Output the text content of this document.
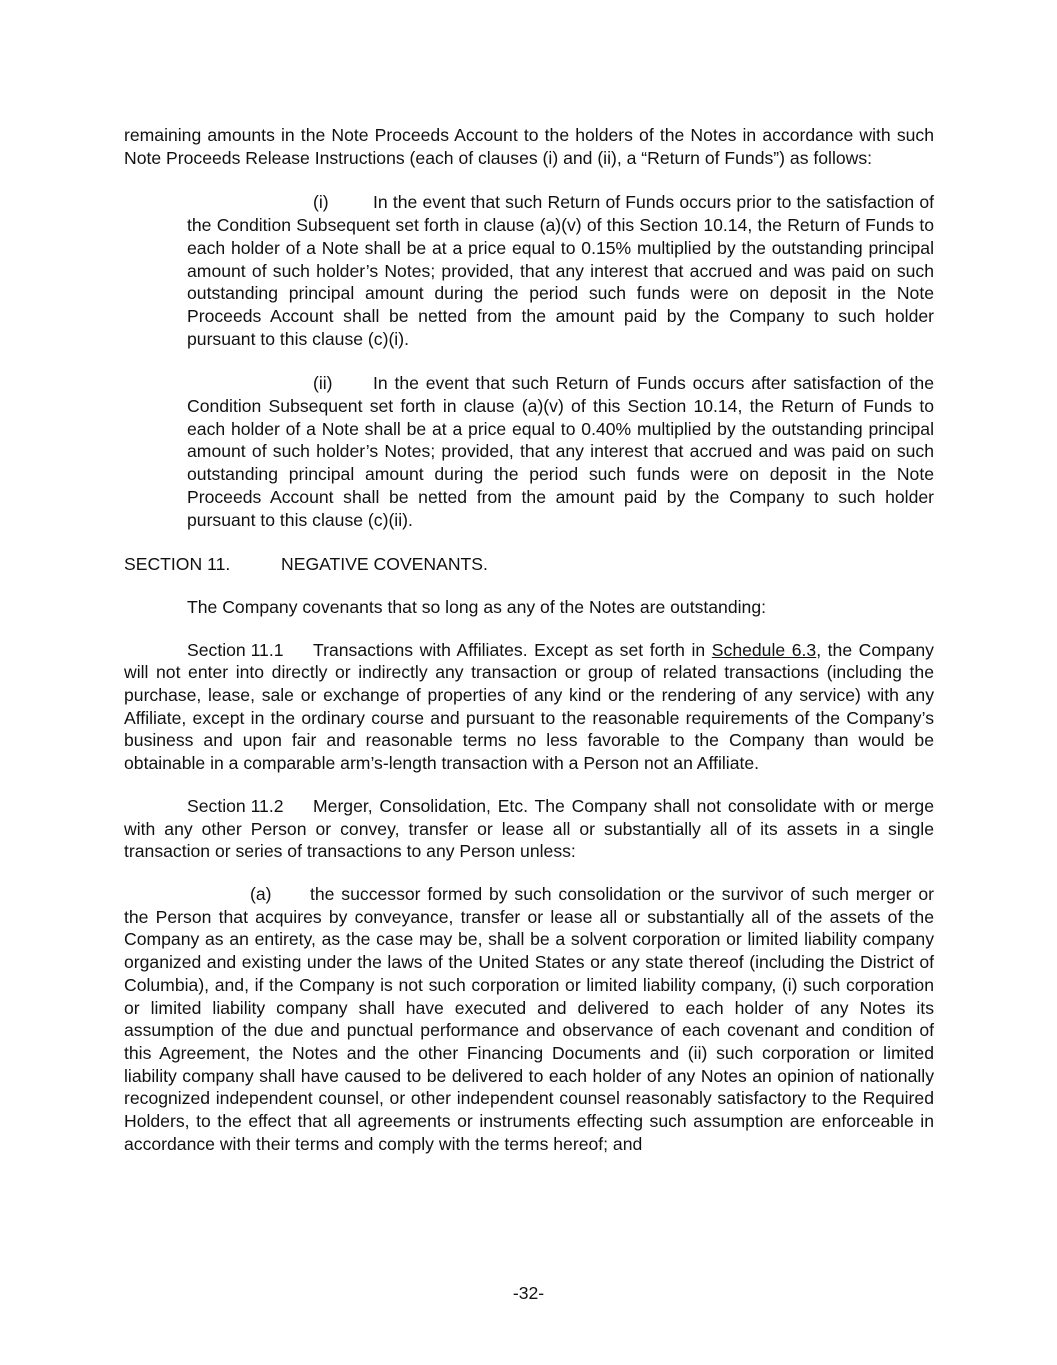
remaining amounts in the Note Proceeds Account to the holders of the Notes in accordance with such Note Proceeds Release Instructions (each of clauses (i) and (ii), a “Return of Funds”) as follows:

(i)	In the event that such Return of Funds occurs prior to the satisfaction of the Condition Subsequent set forth in clause (a)(v) of this Section 10.14, the Return of Funds to each holder of a Note shall be at a price equal to 0.15% multiplied by the outstanding principal amount of such holder’s Notes; provided, that any interest that accrued and was paid on such outstanding principal amount during the period such funds were on deposit in the Note Proceeds Account shall be netted from the amount paid by the Company to such holder pursuant to this clause (c)(i).

(ii) In the event that such Return of Funds occurs after satisfaction of the Condition Subsequent set forth in clause (a)(v) of this Section 10.14, the Return of Funds to each holder of a Note shall be at a price equal to 0.40% multiplied by the outstanding principal amount of such holder’s Notes; provided, that any interest that accrued and was paid on such outstanding principal amount during the period such funds were on deposit in the Note Proceeds Account shall be netted from the amount paid by the Company to such holder pursuant to this clause (c)(ii).

SECTION 11.	NEGATIVE COVENANTS.

The Company covenants that so long as any of the Notes are outstanding:

Section 11.1 Transactions with Affiliates. Except as set forth in Schedule 6.3, the Company will not enter into directly or indirectly any transaction or group of related transactions (including the purchase, lease, sale or exchange of properties of any kind or the rendering of any service) with any Affiliate, except in the ordinary course and pursuant to the reasonable requirements of the Company’s business and upon fair and reasonable terms no less favorable to the Company than would be obtainable in a comparable arm’s-length transaction with a Person not an Affiliate.

Section 11.2 Merger, Consolidation, Etc. The Company shall not consolidate with or merge with any other Person or convey, transfer or lease all or substantially all of its assets in a single transaction or series of transactions to any Person unless:

(a) the successor formed by such consolidation or the survivor of such merger or the Person that acquires by conveyance, transfer or lease all or substantially all of the assets of the Company as an entirety, as the case may be, shall be a solvent corporation or limited liability company organized and existing under the laws of the United States or any state thereof (including the District of Columbia), and, if the Company is not such corporation or limited liability company, (i) such corporation or limited liability company shall have executed and delivered to each holder of any Notes its assumption of the due and punctual performance and observance of each covenant and condition of this Agreement, the Notes and the other Financing Documents and (ii) such corporation or limited liability company shall have caused to be delivered to each holder of any Notes an opinion of nationally recognized independent counsel, or other independent counsel reasonably satisfactory to the Required Holders, to the effect that all agreements or instruments effecting such assumption are enforceable in accordance with their terms and comply with the terms hereof; and

-32-
